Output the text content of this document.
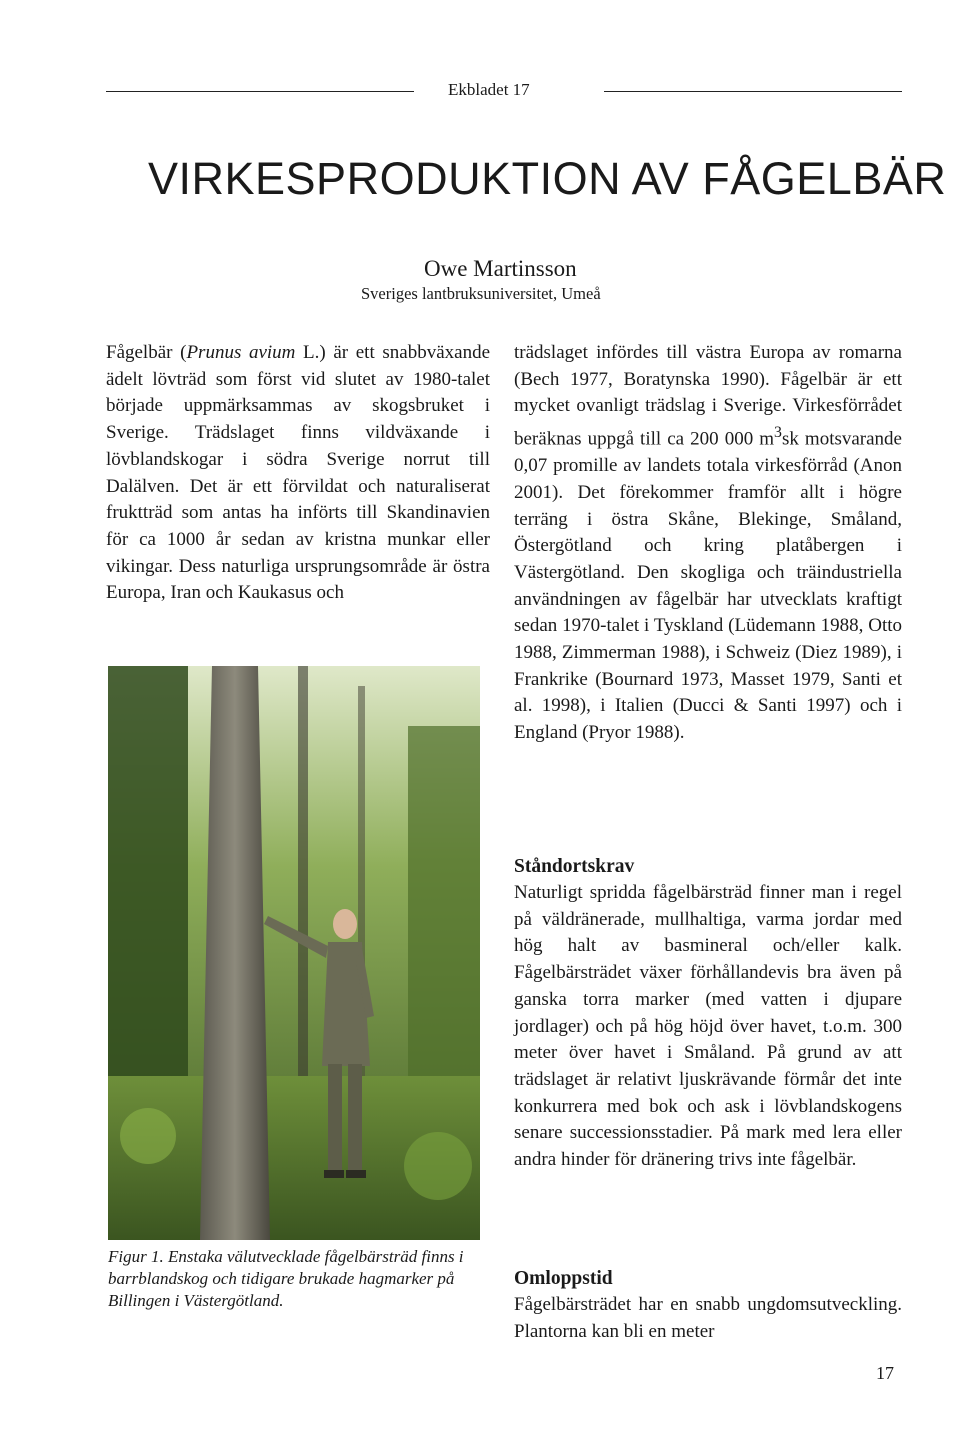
Ekbladet 17
VIRKESPRODUKTION AV FÅGELBÄR
Owe Martinsson
Sveriges lantbruksuniversitet, Umeå

Fågelbär (Prunus avium L.) är ett snabbväxande ädelt lövträd som först vid slutet av 1980-talet började uppmärksammas av skogsbruket i Sverige. Trädslaget finns vildväxande i lövblandskogar i södra Sverige norrut till Dalälven. Det är ett förvildat och naturaliserat fruktträd som antas ha införts till Skandinavien för ca 1000 år sedan av kristna munkar eller vikingar. Dess naturliga ursprungsområde är östra Europa, Iran och Kaukasus och

trädslaget infördes till västra Europa av romarna (Bech 1977, Boratynska 1990). Fågelbär är ett mycket ovanligt trädslag i Sverige. Virkesförrådet beräknas uppgå till ca 200 000 $m^3sk$ motsvarande 0,07 promille av landets totala virkesförråd (Anon 2001). Det förekommer framför allt i högre terräng i östra Skåne, Blekinge, Småland, Östergötland och kring platåbergen i Västergötland. Den skogliga och träindustriella användningen av fågelbär har utvecklats kraftigt sedan 1970-talet i Tyskland (Lüdemann 1988, Otto 1988, Zimmerman 1988), i Schweiz (Diez 1989), i Frankrike (Bournard 1973, Masset 1979, Santi et al. 1998), i Italien (Ducci & Santi 1997) och i England (Pryor 1988).

Figur 1. Enstaka välutvecklade fågelbärsträd finns i barrblandskog och tidigare brukade hagmarker på Billingen i Västergötland.
Ståndortskrav

Naturligt spridda fågelbärsträd finner man i regel på väldränerade, mullhaltiga, varma jordar med hög halt av basmineral och/eller kalk. Fågelbärsträdet växer förhållandevis bra även på ganska torra marker (med vatten i djupare jordlager) och på hög höjd över havet, t.o.m. 300 meter över havet i Småland. På grund av att trädslaget är relativt ljuskrävande förmår det inte konkurrera med bok och ask i lövblandskogens senare successionsstadier. På mark med lera eller andra hinder för dränering trivs inte fågelbär.

Omloppstid

Fågelbärsträdet har en snabb ungdomsutveckling. Plantorna kan bli en meter

17
